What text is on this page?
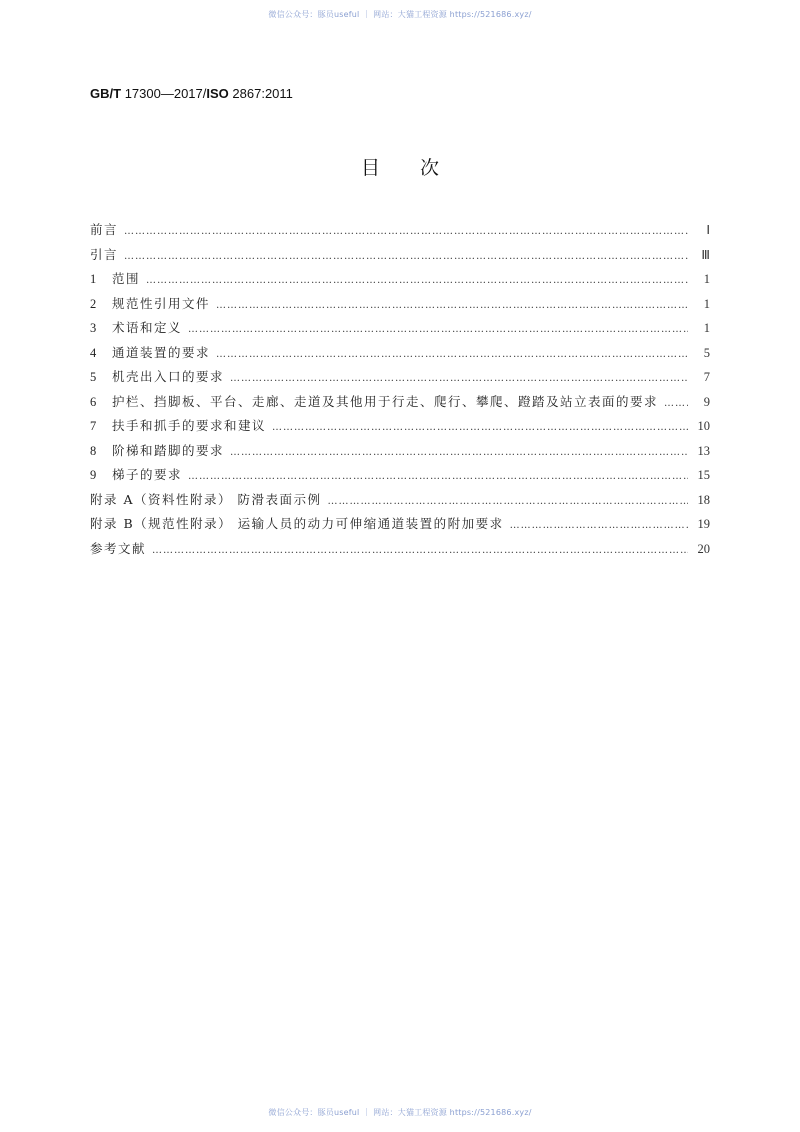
微信公众号：豚员useful ｜ 网站：大猫工程资源 https://521686.xyz/
GB/T 17300—2017/ISO 2867:2011
目次
前言 …………………………………………………………………………………………………………………………………………………………………………	Ⅰ
引言 …………………………………………………………………………………………………………………………………………………………………………	Ⅲ
1 范围 …………………………………………………………………………………………………………………………………………………………………………	1
2 规范性引用文件 …………………………………………………………………………………………………………………………………………………………………………	1
3 术语和定义 …………………………………………………………………………………………………………………………………………………………………………	1
4 通道装置的要求 …………………………………………………………………………………………………………………………………………………………………………	5
5 机壳出入口的要求 …………………………………………………………………………………………………………………………………………………………………………	7
6 护栏、挡脚板、平台、走廊、走道及其他用于行走、爬行、攀爬、蹬踏及站立表面的要求 …………………………………………………………………………………………………………………………………………………………………………	9
7 扶手和抓手的要求和建议 …………………………………………………………………………………………………………………………………………………………………………	10
8 阶梯和踏脚的要求 …………………………………………………………………………………………………………………………………………………………………………	13
9 梯子的要求 …………………………………………………………………………………………………………………………………………………………………………	15
附录 A（资料性附录） 防滑表面示例 …………………………………………………………………………………………………………………………………………………………………………	18
附录 B（规范性附录） 运输人员的动力可伸缩通道装置的附加要求 …………………………………………………………………………………………………………………………………………………………………………	19
参考文献 …………………………………………………………………………………………………………………………………………………………………………	20
微信公众号：豚员useful ｜ 网站：大猫工程资源 https://521686.xyz/
